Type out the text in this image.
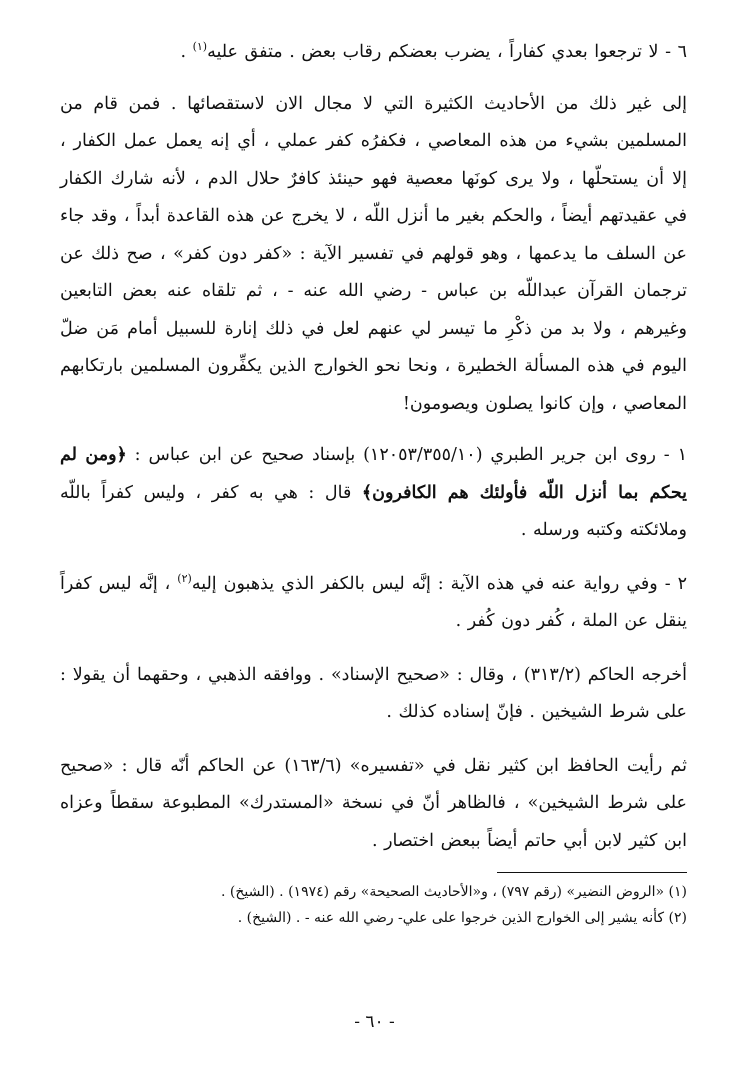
٦ - لا ترجعوا بعدي كفاراً ، يضرب بعضكم رقاب بعض . متفق عليه$^{(١)}$ .

إلى غير ذلك من الأحاديث الكثيرة التي لا مجال الان لاستقصائها . فمن قام من المسلمين بشيء من هذه المعاصي ، فكفرُه كفر عملي ، أي إنه يعمل عمل الكفار ، إلا أن يستحلّها ، ولا يرى كونَها معصية فهو حينئذ كافرٌ حلال الدم ، لأنه شارك الكفار في عقيدتهم أيضاً ، والحكم بغير ما أنزل اللّه ، لا يخرج عن هذه القاعدة أبداً ، وقد جاء عن السلف ما يدعمها ، وهو قولهم في تفسير الآية : «كفر دون كفر» ، صح ذلك عن ترجمان القرآن عبداللّه بن عباس - رضي الله عنه - ، ثم تلقاه عنه بعض التابعين وغيرهم ، ولا بد من ذكْرِ ما تيسر لي عنهم لعل في ذلك إنارة للسبيل أمام مَن ضلّ اليوم في هذه المسألة الخطيرة ، ونحا نحو الخوارج الذين يكفِّرون المسلمين بارتكابهم المعاصي ، وإن كانوا يصلون ويصومون!

١ - روى ابن جرير الطبري (١٢٠٥٣/٣٥٥/١٠) بإسناد صحيح عن ابن عباس : ﴿ومن لم يحكم بما أنزل اللّه فأولئك هم الكافرون﴾ قال : هي به كفر ، وليس كفراً باللّه وملائكته وكتبه ورسله .

٢ - وفي رواية عنه في هذه الآية : إنَّه ليس بالكفر الذي يذهبون إليه$^{(٢)}$ ، إنَّه ليس كفراً ينقل عن الملة ، كُفر دون كُفر .

أخرجه الحاكم (٣١٣/٢) ، وقال : «صحيح الإسناد» . ووافقه الذهبي ، وحقهما أن يقولا : على شرط الشيخين . فإنّ إسناده كذلك .

ثم رأيت الحافظ ابن كثير نقل في «تفسيره» (١٦٣/٦) عن الحاكم أنّه قال : «صحيح على شرط الشيخين» ، فالظاهر أنّ في نسخة «المستدرك» المطبوعة سقطاً وعزاه ابن كثير لابن أبي حاتم أيضاً ببعض اختصار .

(١) «الروض النضير» (رقم ٧٩٧) ، و«الأحاديث الصحيحة» رقم (١٩٧٤) . (الشيخ) .

(٢) كأنه يشير إلى الخوارج الذين خرجوا على علي- رضي الله عنه - . (الشيخ) .

- ٦٠ -
